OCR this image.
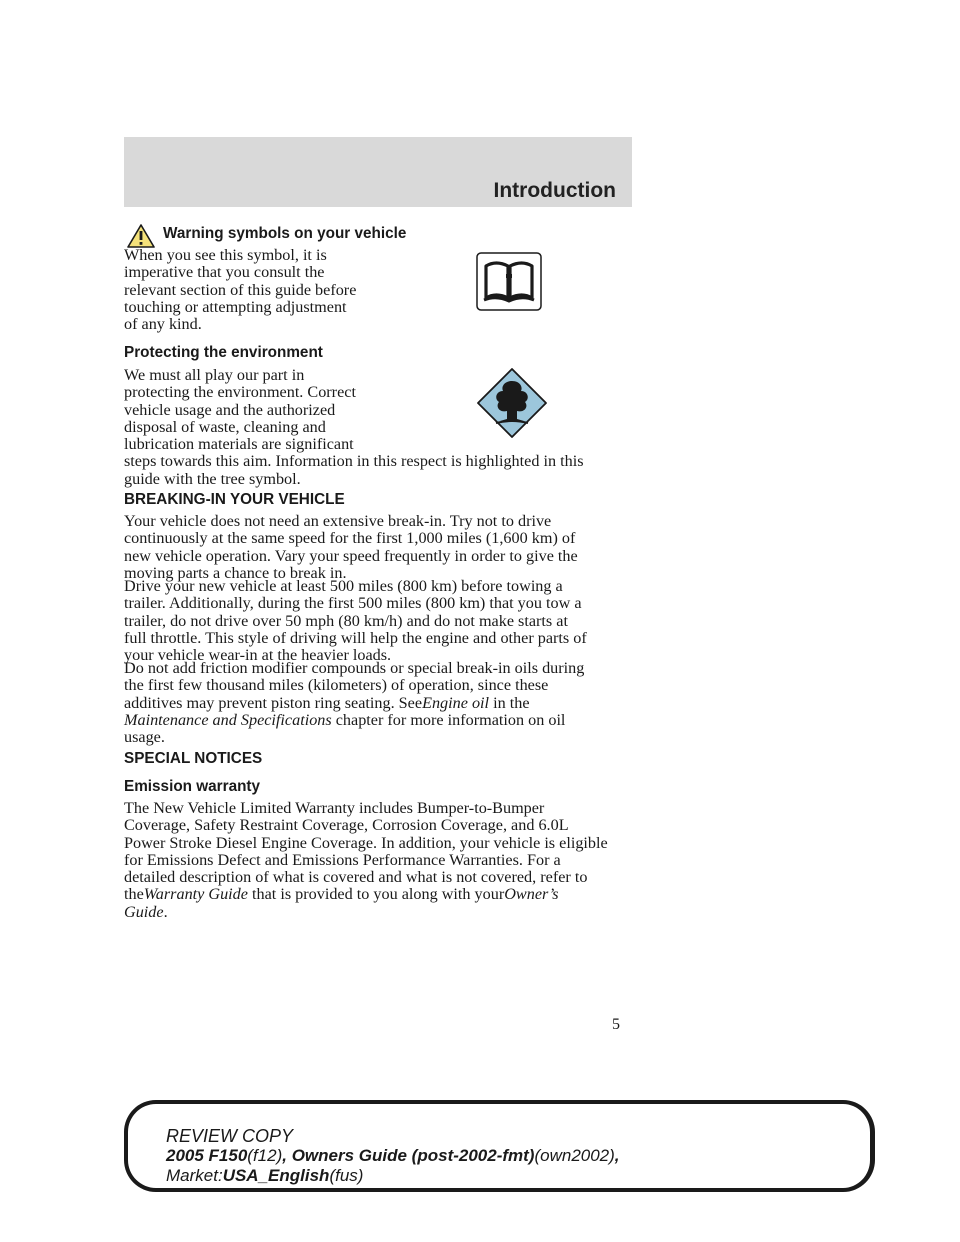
Introduction
Warning symbols on your vehicle

When you see this symbol, it is

imperative that you consult the

relevant section of this guide before

touching or attempting adjustment

of any kind.

Protecting the environment

We must all play our part in

protecting the environment. Correct

vehicle usage and the authorized

disposal of waste, cleaning and

lubrication materials are significant

steps towards this aim. Information in this respect is highlighted in this

guide with the tree symbol.

BREAKING-IN YOUR VEHICLE

Your vehicle does not need an extensive break-in. Try not to drive

continuously at the same speed for the first 1,000 miles (1,600 km) of

new vehicle operation. Vary your speed frequently in order to give the

moving parts a chance to break in.

Drive your new vehicle at least 500 miles (800 km) before towing a

trailer. Additionally, during the first 500 miles (800 km) that you tow a

trailer, do not drive over 50 mph (80 km/h) and do not make starts at

full throttle. This style of driving will help the engine and other parts of

your vehicle wear-in at the heavier loads.

Do not add friction modifier compounds or special break-in oils during

the first few thousand miles (kilometers) of operation, since these

additives may prevent piston ring seating. SeeEngine oil in the

Maintenance and Specifications chapter for more information on oil

usage.

SPECIAL NOTICES
Emission warranty

The New Vehicle Limited Warranty includes Bumper-to-Bumper

Coverage, Safety Restraint Coverage, Corrosion Coverage, and 6.0L

Power Stroke Diesel Engine Coverage. In addition, your vehicle is eligible

for Emissions Defect and Emissions Performance Warranties. For a

detailed description of what is covered and what is not covered, refer to

theWarranty Guide that is provided to you along with yourOwner’s

Guide.

5
REVIEW COPY
2005 F150(f12), Owners Guide (post-2002-fmt)(own2002),
Market:USA_English(fus)
